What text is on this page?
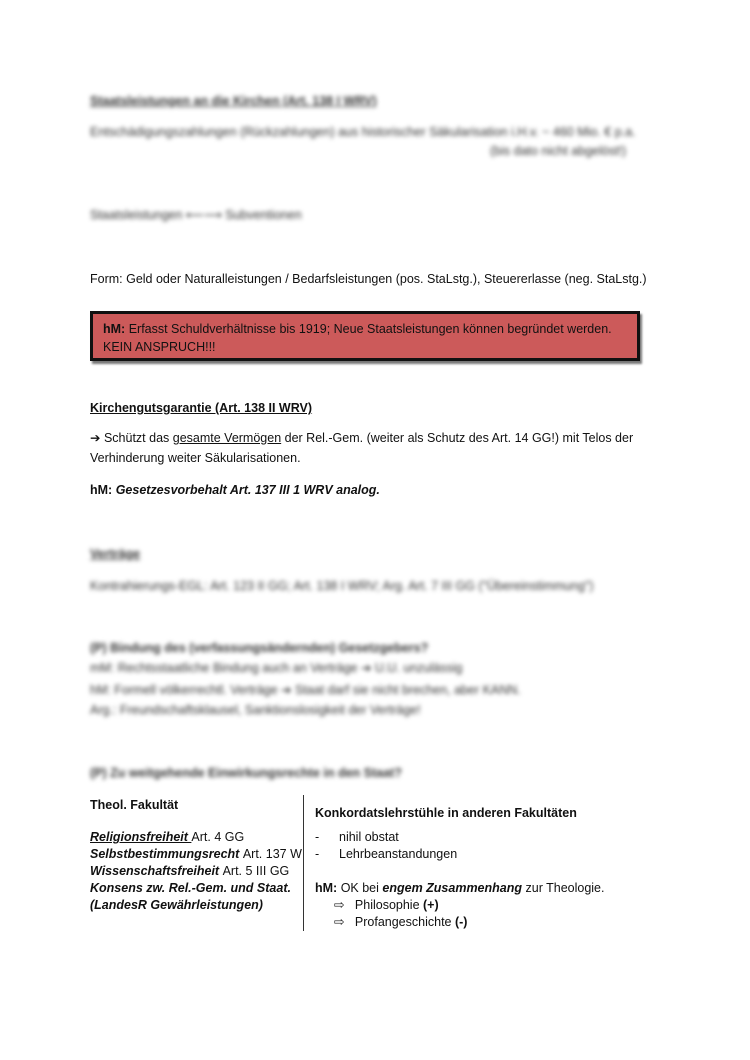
Staatsleistungen an die Kirchen (Art. 138 I WRV)
Entschädigungszahlungen (Rückzahlungen) aus historischer Säkularisation i.H.v. ~ 460 Mio. € p.a.
(bis dato nicht abgelöst!)
Staatsleistungen ⟵⟶ Subventionen
Form: Geld oder Naturalleistungen / Bedarfsleistungen (pos. StaLstg.), Steuererlasse (neg. StaLstg.)
hM: Erfasst Schuldverhältnisse bis 1919; Neue Staatsleistungen können begründet werden.
KEIN ANSPRUCH!!!
Kirchengutsgarantie (Art. 138 II WRV)
➔ Schützt das gesamte Vermögen der Rel.-Gem. (weiter als Schutz des Art. 14 GG!) mit Telos der
Verhinderung weiter Säkularisationen.
hM: Gesetzesvorbehalt Art. 137 III 1 WRV analog.
Verträge
Kontrahierungs-EGL: Art. 123 II GG; Art. 138 I WRV; Arg. Art. 7 III GG ("Übereinstimmung")
(P) Bindung des (verfassungsändernden) Gesetzgebers?
mM: Rechtsstaatliche Bindung auch an Verträge ➔ U.U. unzulässig
hM: Formell völkerrechtl. Verträge ➔ Staat darf sie nicht brechen, aber KANN.
Arg.: Freundschaftsklausel, Sanktionslosigkeit der Verträge!
(P) Zu weitgehende Einwirkungsrechte in den Staat?
Theol. Fakultät
Religionsfreiheit Art. 4 GG
Selbstbestimmungsrecht Art. 137 W
Wissenschaftsfreiheit Art. 5 III GG
Konsens zw. Rel.-Gem. und Staat.
(LandesR Gewährleistungen)
Konkordatslehrstühle in anderen Fakultäten
- nihil obstat
- Lehrbeanstandungen
hM: OK bei engem Zusammenhang zur Theologie.
⇨ Philosophie (+)
⇨ Profangeschichte (-)
